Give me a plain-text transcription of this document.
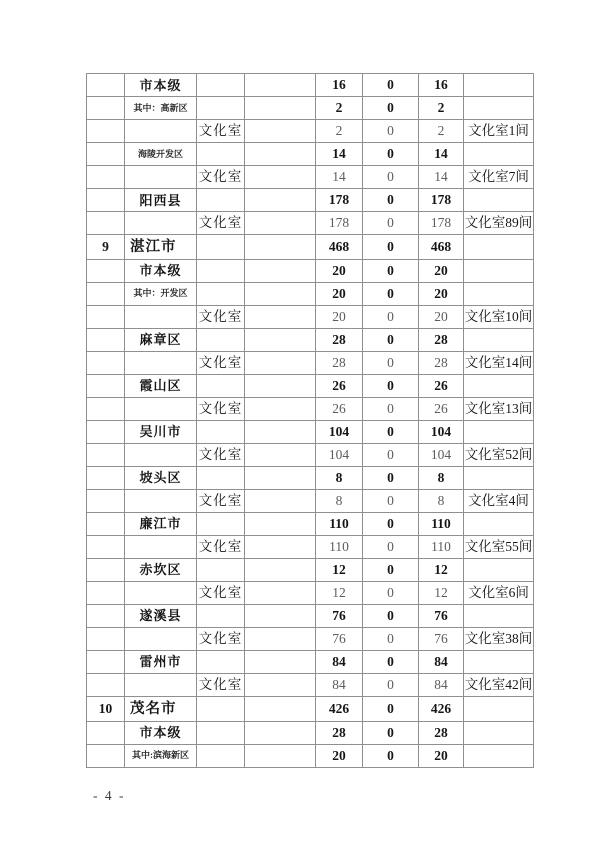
	市本级			16	0	16	
	其中：高新区			2	0	2	
		文化室		2	0	2	文化室1间
	海陵开发区			14	0	14	
		文化室		14	0	14	文化室7间
	阳西县			178	0	178	
		文化室		178	0	178	文化室89间
9	湛江市			468	0	468	
	市本级			20	0	20	
	其中：开发区			20	0	20	
		文化室		20	0	20	文化室10间
	麻章区			28	0	28	
		文化室		28	0	28	文化室14间
	霞山区			26	0	26	
		文化室		26	0	26	文化室13间
	吴川市			104	0	104	
		文化室		104	0	104	文化室52间
	坡头区			8	0	8	
		文化室		8	0	8	文化室4间
	廉江市			110	0	110	
		文化室		110	0	110	文化室55间
	赤坎区			12	0	12	
		文化室		12	0	12	文化室6间
	遂溪县			76	0	76	
		文化室		76	0	76	文化室38间
	雷州市			84	0	84	
		文化室		84	0	84	文化室42间
10	茂名市			426	0	426	
	市本级			28	0	28	
	其中:滨海新区			20	0	20	
- 4 -
